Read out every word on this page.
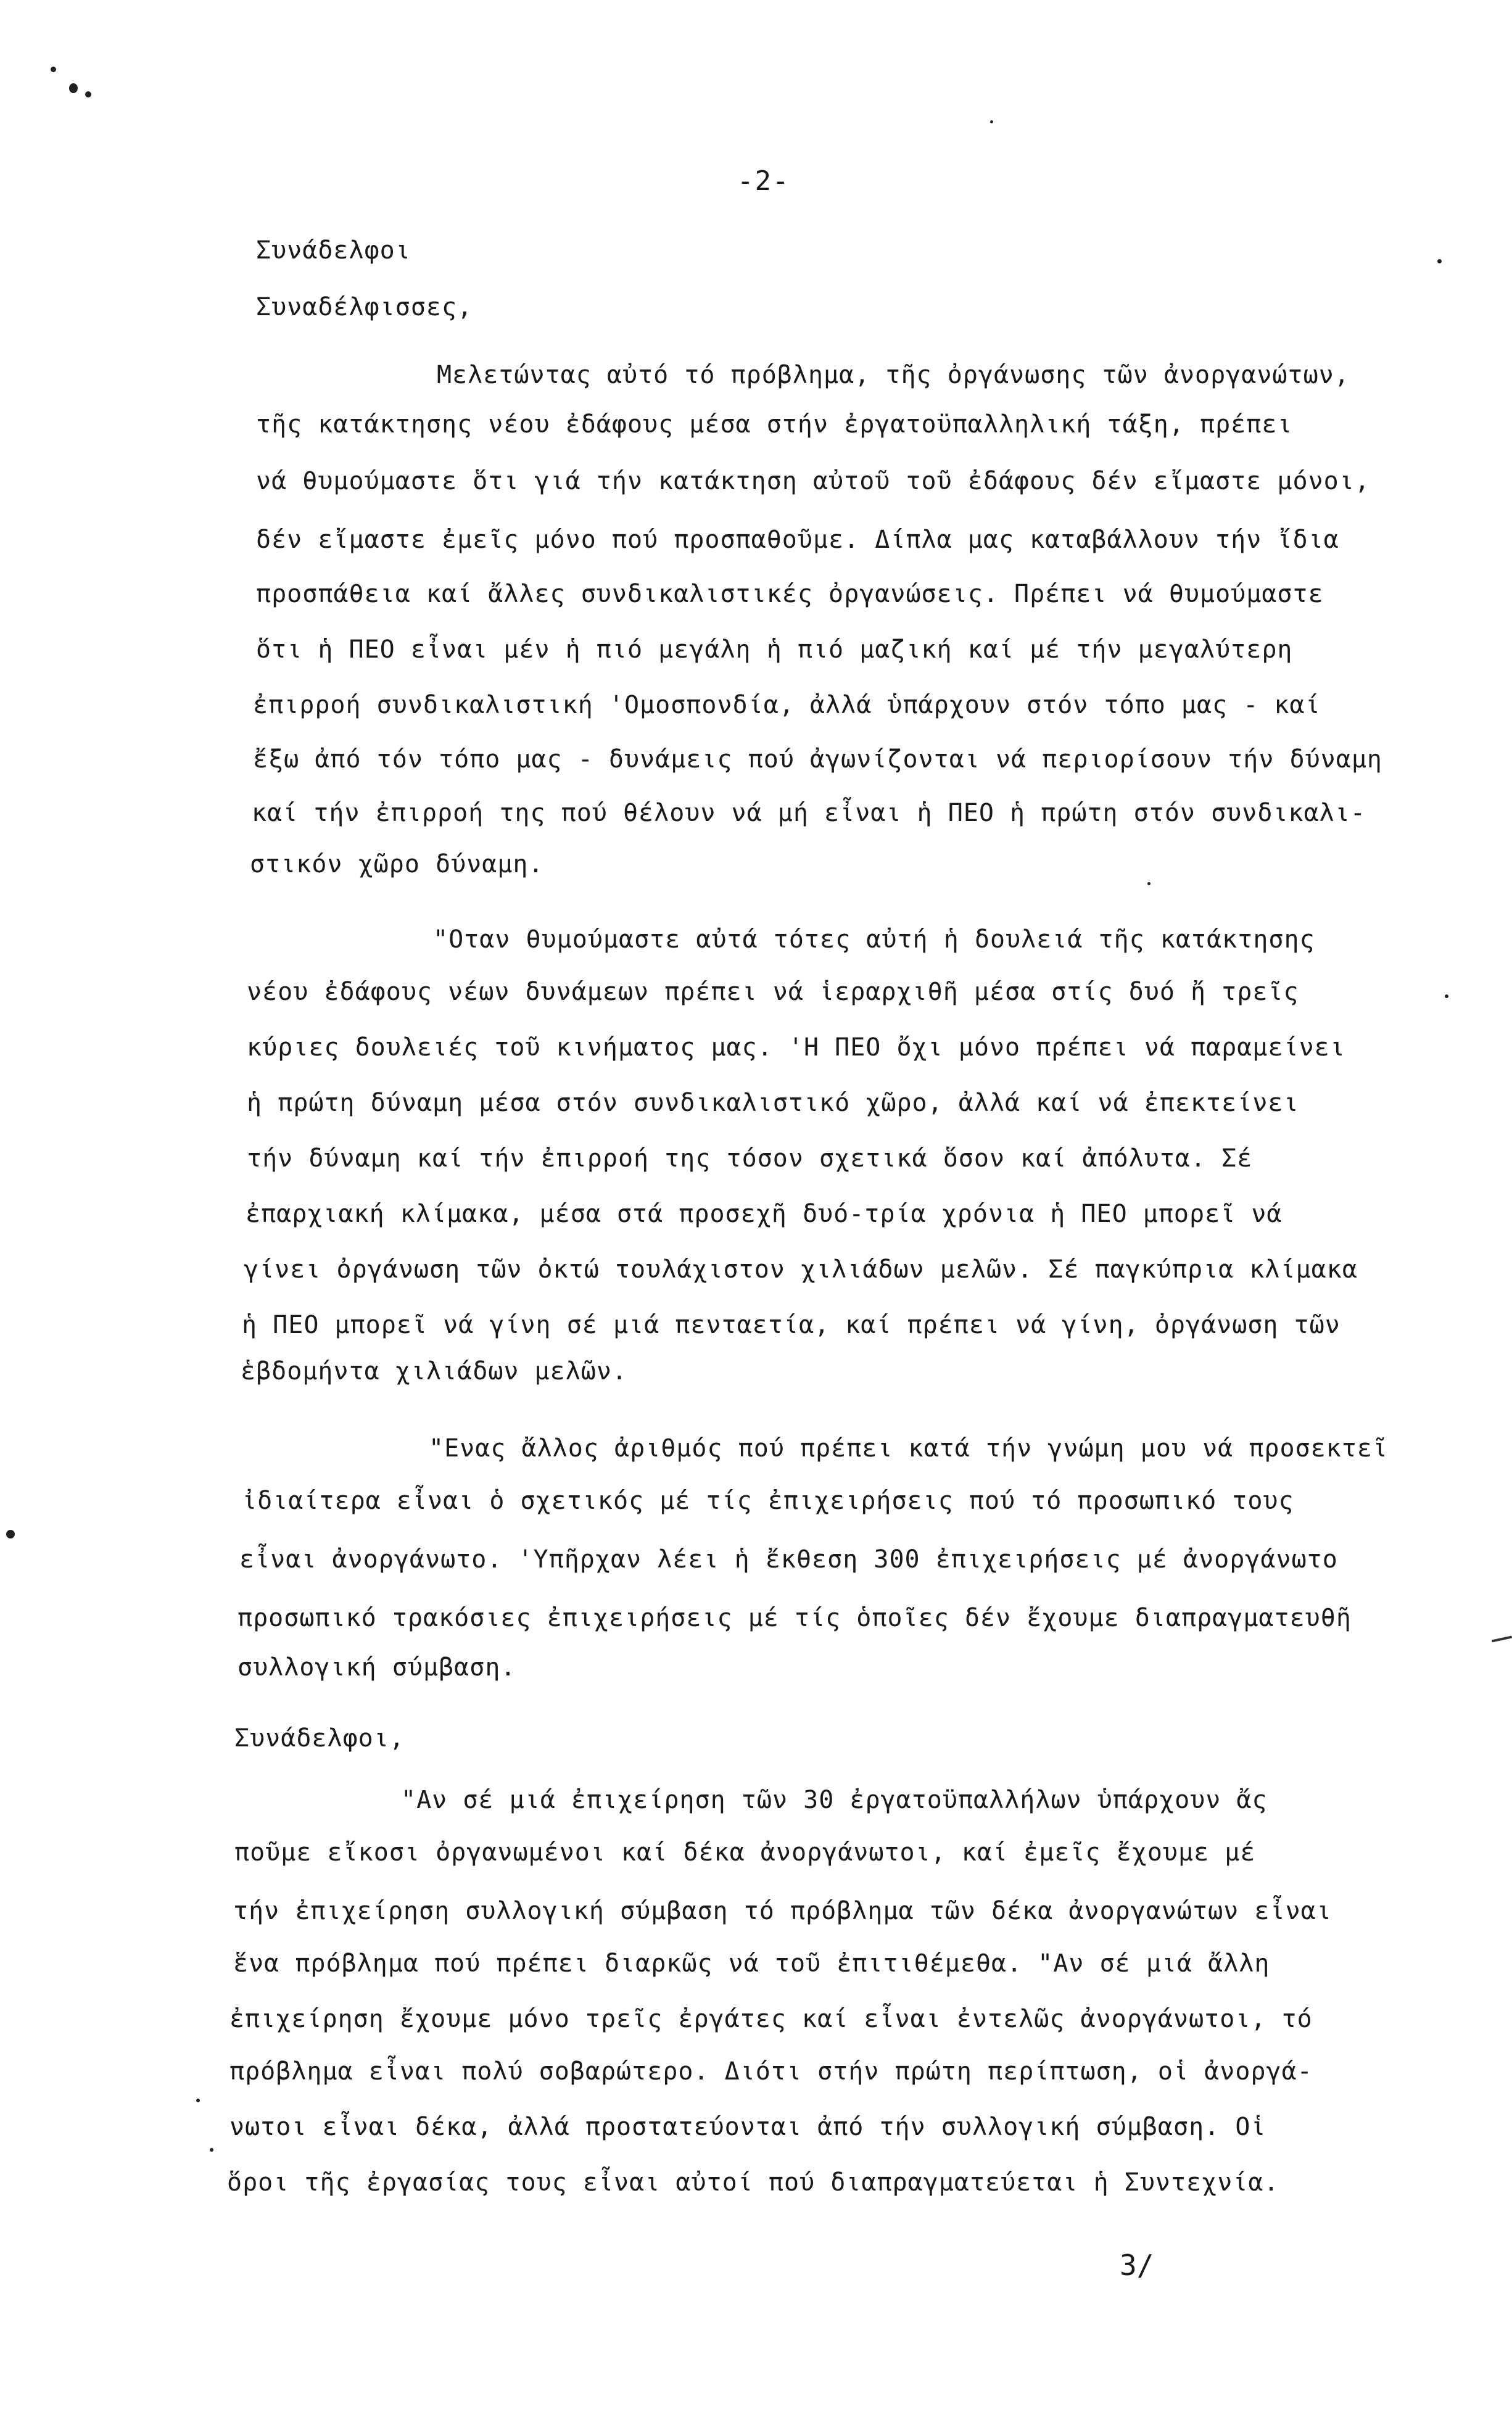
-2-
Συνάδελφοι
Συναδέλφισσες,
Μελετώντας αὐτό τό πρόβλημα, τῆς ὀργάνωσης τῶν ἀνοργανώτων,
τῆς κατάκτησης νέου ἐδάφους μέσα στήν ἐργατοϋπαλληλική τάξη, πρέπει
νά θυμούμαστε ὅτι γιά τήν κατάκτηση αὐτοῦ τοῦ ἐδάφους δέν εἴμαστε μόνοι,
δέν εἴμαστε ἐμεῖς μόνο πού προσπαθοῦμε. Δίπλα μας καταβάλλουν τήν ἴδια
προσπάθεια καί ἄλλες συνδικαλιστικές ὀργανώσεις. Πρέπει νά θυμούμαστε
ὅτι ἡ ΠΕΟ εἶναι μέν ἡ πιό μεγάλη ἡ πιό μαζική καί μέ τήν μεγαλύτερη
ἐπιρροή συνδικαλιστική 'Ομοσπονδία, ἀλλά ὑπάρχουν στόν τόπο μας - καί
ἔξω ἀπό τόν τόπο μας - δυνάμεις πού ἀγωνίζονται νά περιορίσουν τήν δύναμη
καί τήν ἐπιρροή της πού θέλουν νά μή εἶναι ἡ ΠΕΟ ἡ πρώτη στόν συνδικαλι-
στικόν χῶρο δύναμη.
"Οταν θυμούμαστε αὐτά τότες αὐτή ἡ δουλειά τῆς κατάκτησης
νέου ἐδάφους νέων δυνάμεων πρέπει νά ἱεραρχιθῆ μέσα στίς δυό ἤ τρεῖς
κύριες δουλειές τοῦ κινήματος μας. 'Η ΠΕΟ ὄχι μόνο πρέπει νά παραμείνει
ἡ πρώτη δύναμη μέσα στόν συνδικαλιστικό χῶρο, ἀλλά καί νά ἐπεκτείνει
τήν δύναμη καί τήν ἐπιρροή της τόσον σχετικά ὅσον καί ἀπόλυτα. Σέ
ἐπαρχιακή κλίμακα, μέσα στά προσεχῆ δυό-τρία χρόνια ἡ ΠΕΟ μπορεῖ νά
γίνει ὀργάνωση τῶν ὀκτώ τουλάχιστον χιλιάδων μελῶν. Σέ παγκύπρια κλίμακα
ἡ ΠΕΟ μπορεῖ νά γίνη σέ μιά πενταετία, καί πρέπει νά γίνη, ὀργάνωση τῶν
ἑβδομήντα χιλιάδων μελῶν.
"Ενας ἄλλος ἀριθμός πού πρέπει κατά τήν γνώμη μου νά προσεκτεῖ
ἰδιαίτερα εἶναι ὁ σχετικός μέ τίς ἐπιχειρήσεις πού τό προσωπικό τους
εἶναι ἀνοργάνωτο. 'Υπῆρχαν λέει ἡ ἔκθεση 300 ἐπιχειρήσεις μέ ἀνοργάνωτο
προσωπικό τρακόσιες ἐπιχειρήσεις μέ τίς ὁποῖες δέν ἔχουμε διαπραγματευθῆ
συλλογική σύμβαση.
Συνάδελφοι,
"Αν σέ μιά ἐπιχείρηση τῶν 30 ἐργατοϋπαλλήλων ὑπάρχουν ἄς
ποῦμε εἴκοσι ὀργανωμένοι καί δέκα ἀνοργάνωτοι, καί ἐμεῖς ἔχουμε μέ
τήν ἐπιχείρηση συλλογική σύμβαση τό πρόβλημα τῶν δέκα ἀνοργανώτων εἶναι
ἕνα πρόβλημα πού πρέπει διαρκῶς νά τοῦ ἐπιτιθέμεθα. "Αν σέ μιά ἄλλη
ἐπιχείρηση ἔχουμε μόνο τρεῖς ἐργάτες καί εἶναι ἐντελῶς ἀνοργάνωτοι, τό
πρόβλημα εἶναι πολύ σοβαρώτερο. Διότι στήν πρώτη περίπτωση, οἱ ἀνοργά-
νωτοι εἶναι δέκα, ἀλλά προστατεύονται ἀπό τήν συλλογική σύμβαση. Οἱ
ὅροι τῆς ἐργασίας τους εἶναι αὐτοί πού διαπραγματεύεται ἡ Συντεχνία.
3/
